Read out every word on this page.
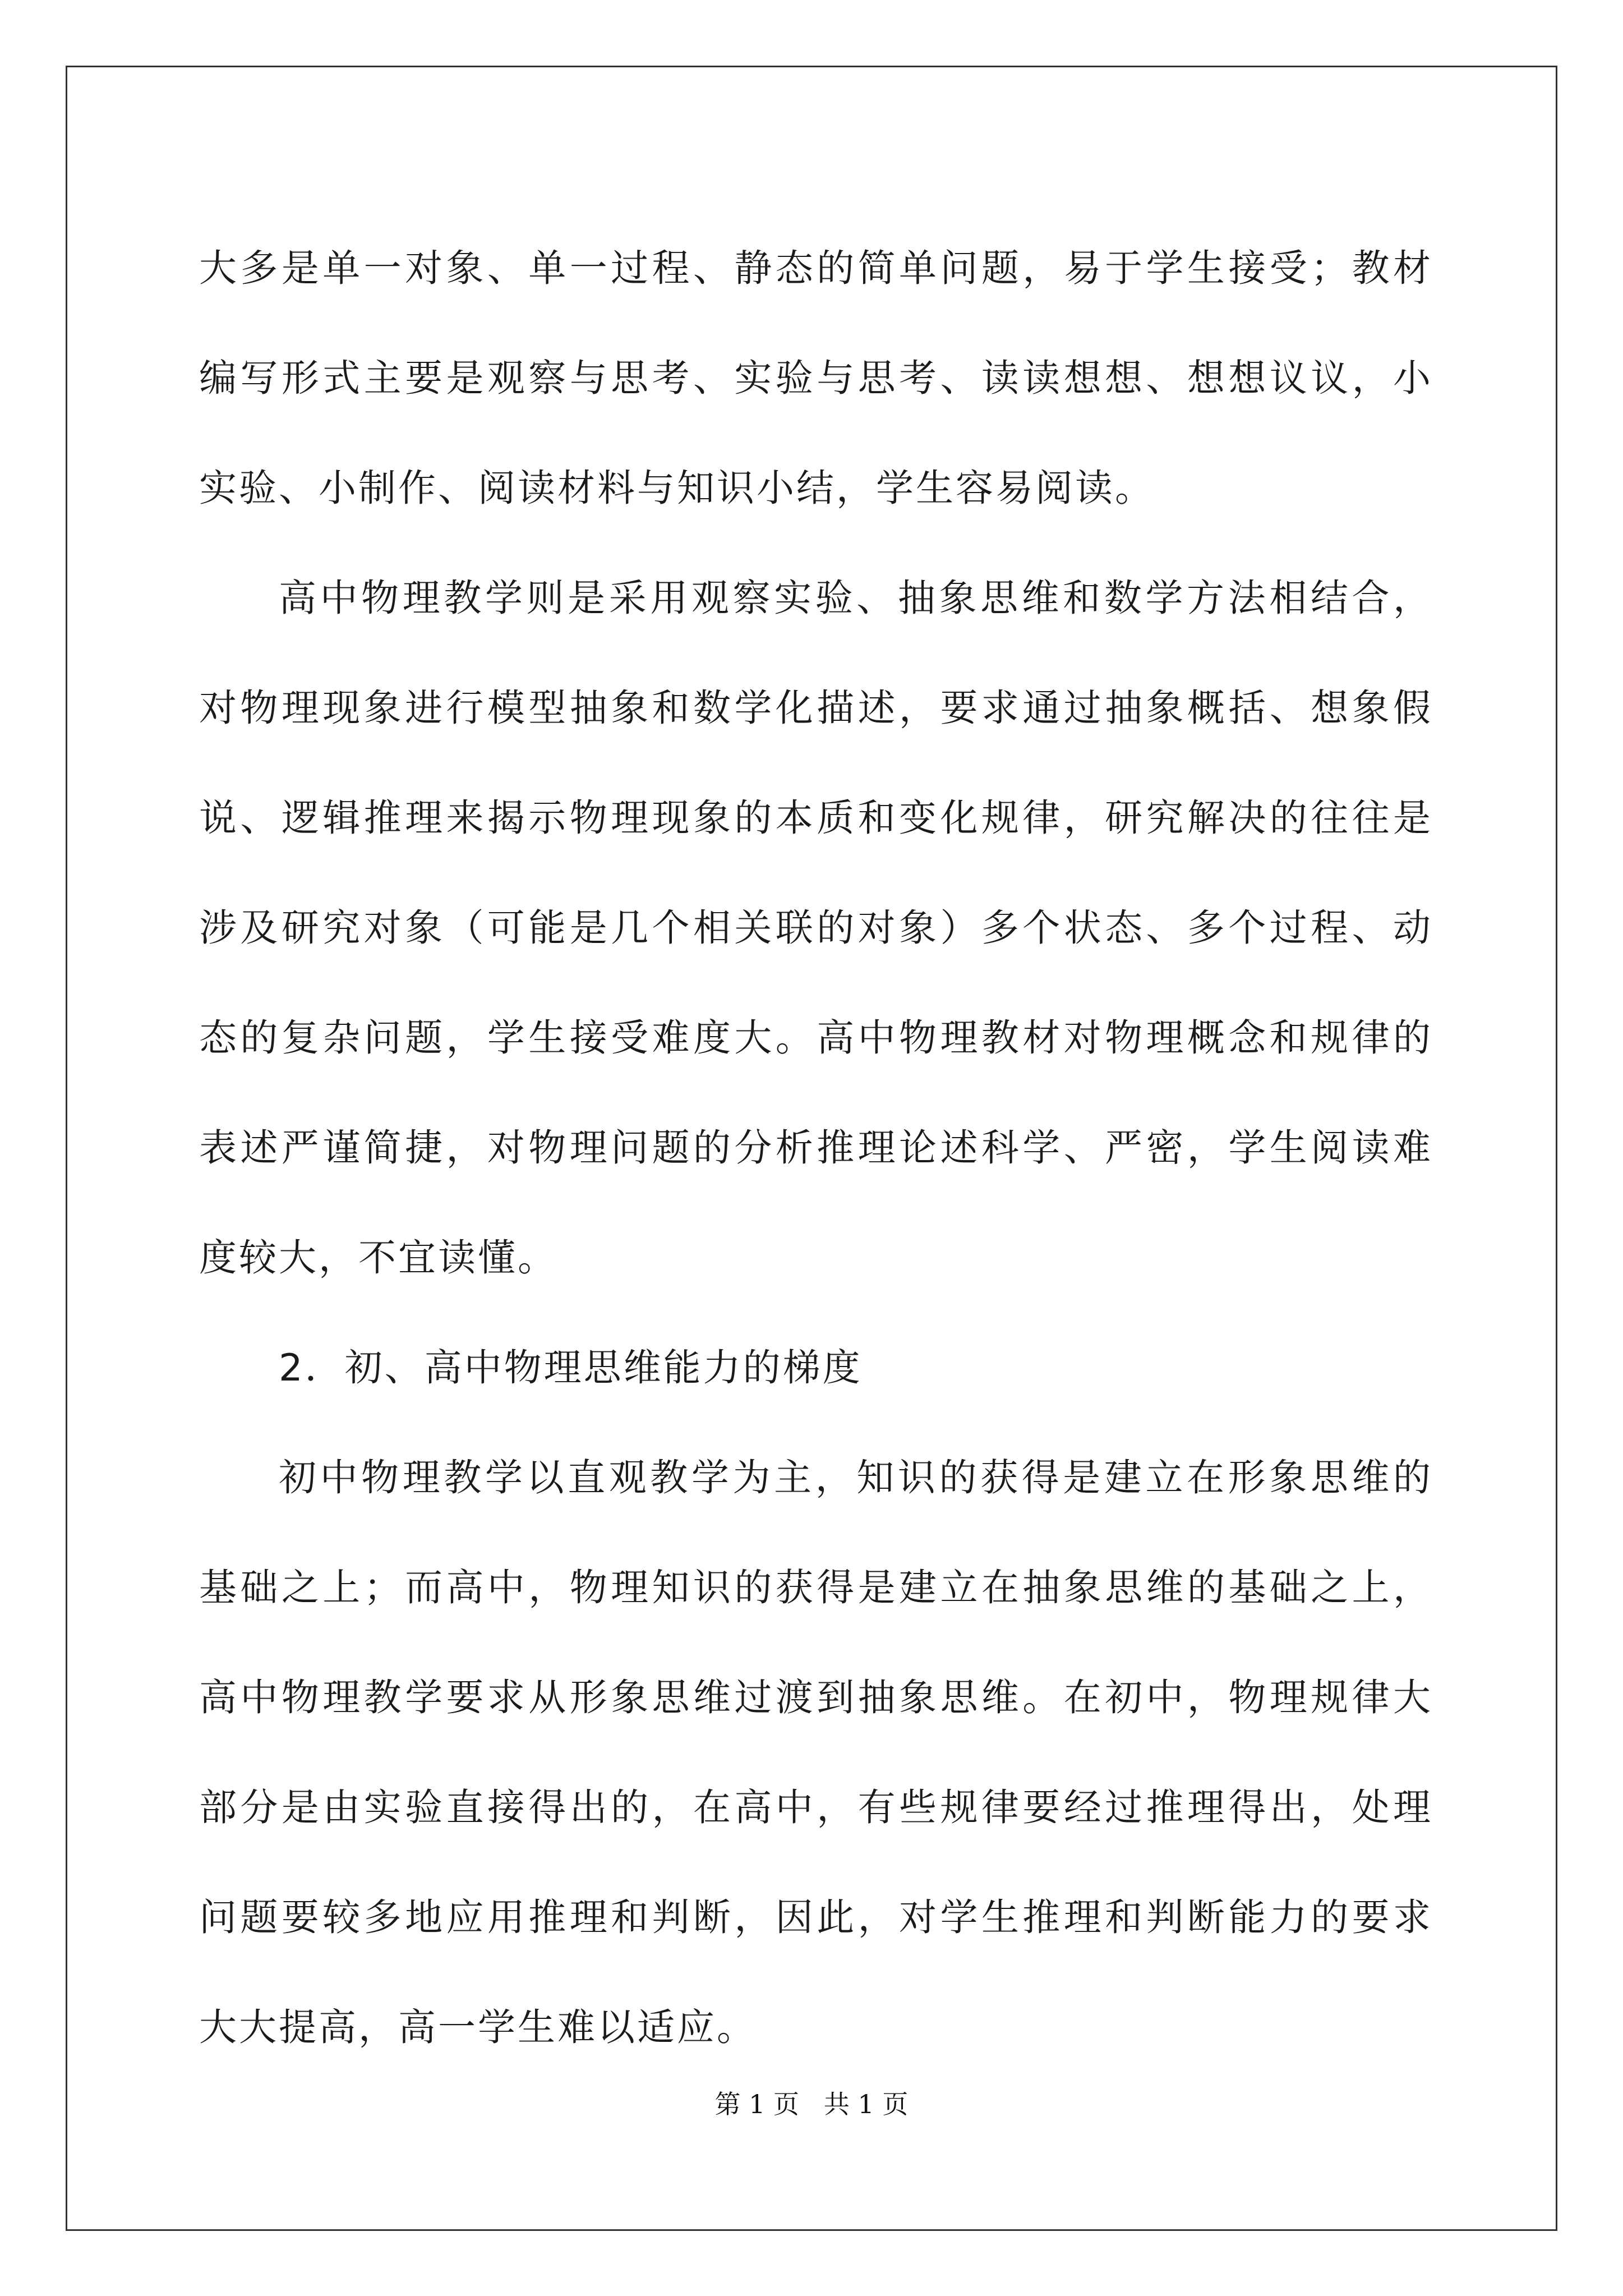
大多是单一对象、单一过程、静态的简单问题，易于学生接受；教材编写形式主要是观察与思考、实验与思考、读读想想、想想议议，小实验、小制作、阅读材料与知识小结，学生容易阅读。

高中物理教学则是采用观察实验、抽象思维和数学方法相结合，对物理现象进行模型抽象和数学化描述，要求通过抽象概括、想象假说、逻辑推理来揭示物理现象的本质和变化规律，研究解决的往往是涉及研究对象（可能是几个相关联的对象）多个状态、多个过程、动态的复杂问题，学生接受难度大。高中物理教材对物理概念和规律的表述严谨简捷，对物理问题的分析推理论述科学、严密，学生阅读难度较大，不宜读懂。

2．初、高中物理思维能力的梯度

初中物理教学以直观教学为主，知识的获得是建立在形象思维的基础之上；而高中，物理知识的获得是建立在抽象思维的基础之上，高中物理教学要求从形象思维过渡到抽象思维。在初中，物理规律大部分是由实验直接得出的，在高中，有些规律要经过推理得出，处理问题要较多地应用推理和判断，因此，对学生推理和判断能力的要求大大提高，高一学生难以适应。

第 1 页   共 1 页
